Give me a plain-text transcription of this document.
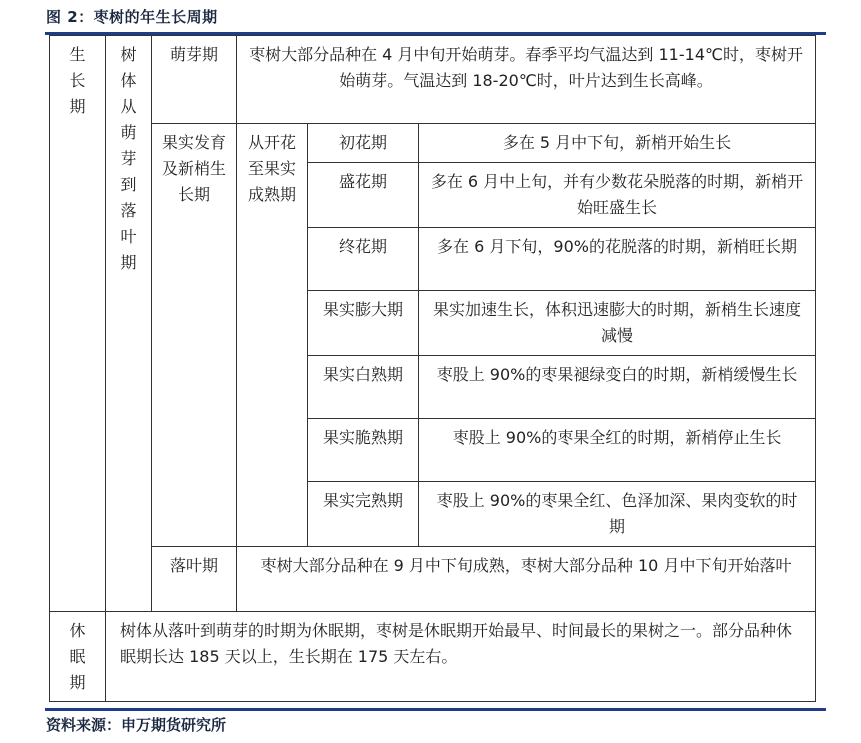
图 2：枣树的年生长周期
生长期	树体从萌芽到落叶期	萌芽期	枣树大部分品种在 4 月中旬开始萌芽。春季平均气温达到 11-14℃时，枣树开始萌芽。气温达到 18-20℃时，叶片达到生长高峰。		

		果实发育及新梢生长期	从开花至果实成熟期	初花期	多在 5 月中下旬，新梢开始生长
				盛花期	多在 6 月中上旬，并有少数花朵脱落的时期，新梢开始旺盛生长
				终花期	多在 6 月下旬，90%的花脱落的时期，新梢旺长期
				果实膨大期	果实加速生长，体积迅速膨大的时期，新梢生长速度减慢
				果实白熟期	枣股上 90%的枣果褪绿变白的时期，新梢缓慢生长
				果实脆熟期	枣股上 90%的枣果全红的时期，新梢停止生长
				果实完熟期	枣股上 90%的枣果全红、色泽加深、果肉变软的时期

		落叶期	枣树大部分品种在 9 月中下旬成熟，枣树大部分品种 10 月中下旬开始落叶		

休眠期	树体从落叶到萌芽的时期为休眠期，枣树是休眠期开始最早、时间最长的果树之一。部分品种休眠期长达 185 天以上，生长期在 175 天左右。				
资料来源：申万期货研究所
